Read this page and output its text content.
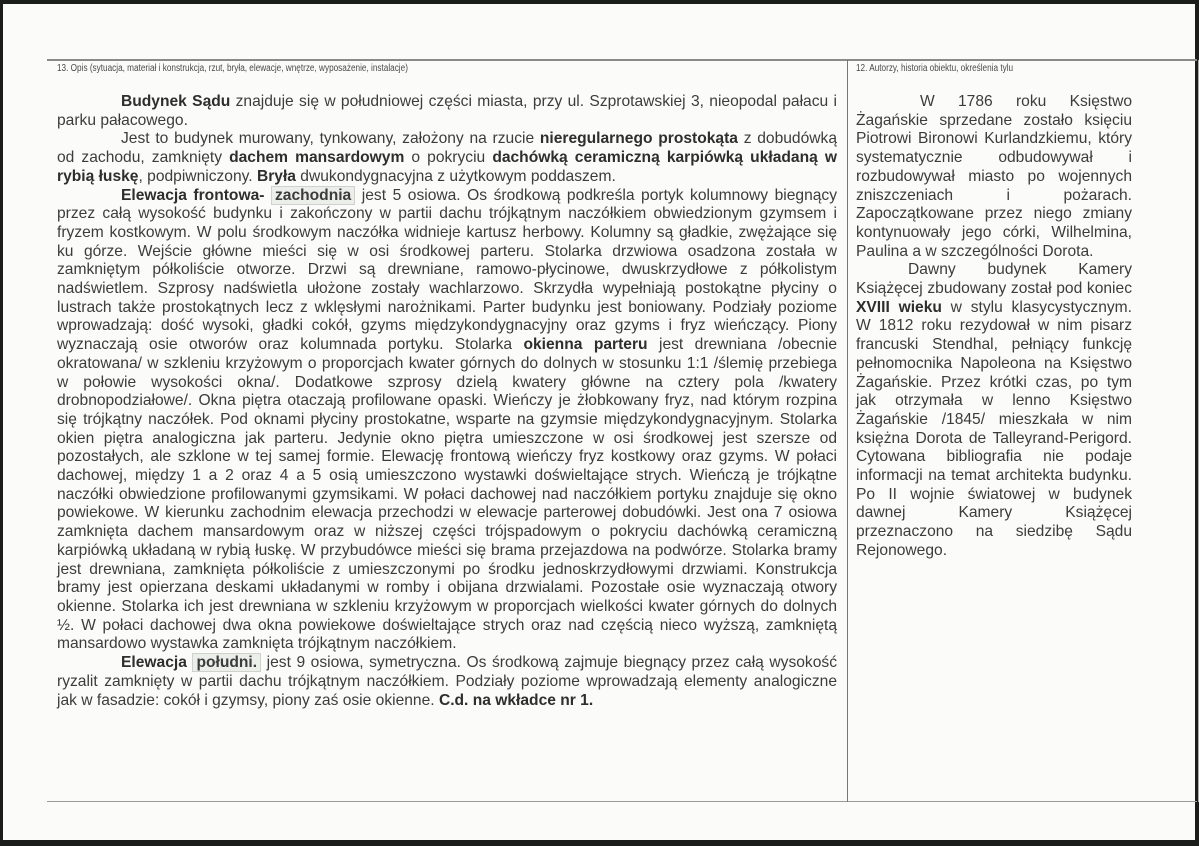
13. Opis (sytuacja, materiał i konstrukcja, rzut, bryła, elewacje, wnętrze, wyposażenie, instalacje)	12. Autorzy, historia obiektu, określenia tylu

Budynek Sądu znajduje się w południowej części miasta, przy ul. Szprotawskiej 3, nieopodal pałacu i parku pałacowego.

Jest to budynek murowany, tynkowany, założony na rzucie nieregularnego prostokąta z dobudówką od zachodu, zamknięty dachem mansardowym o pokryciu dachówką ceramiczną karpiówką układaną w rybią łuskę, podpiwniczony. Bryła dwukondygnacyjna z użytkowym poddaszem.

Elewacja frontowa- zachodnia jest 5 osiowa. Os środkową podkreśla portyk kolumnowy biegnący przez całą wysokość budynku i zakończony w partii dachu trójkątnym naczółkiem obwiedzionym gzymsem i fryzem kostkowym. W polu środkowym naczółka widnieje kartusz herbowy. Kolumny są gładkie, zwężające się ku górze. Wejście główne mieści się w osi środkowej parteru. Stolarka drzwiowa osadzona została w zamkniętym półkoliście otworze. Drzwi są drewniane, ramowo-płycinowe, dwuskrzydłowe z półkolistym nadświetlem. Szprosy nadświetla ułożone zostały wachlarzowo. Skrzydła wypełniają postokątne płyciny o lustrach także prostokątnych lecz z wklęsłymi narożnikami. Parter budynku jest boniowany. Podziały poziome wprowadzają: dość wysoki, gładki cokół, gzyms międzykondygnacyjny oraz gzyms i fryz wieńczący. Piony wyznaczają osie otworów oraz kolumnada portyku. Stolarka okienna parteru jest drewniana /obecnie okratowana/ w szkleniu krzyżowym o proporcjach kwater górnych do dolnych w stosunku 1:1 /ślemię przebiega w połowie wysokości okna/. Dodatkowe szprosy dzielą kwatery główne na cztery pola /kwatery drobnopodziałowe/. Okna piętra otaczają profilowane opaski. Wieńczy je żłobkowany fryz, nad którym rozpina się trójkątny naczółek. Pod oknami płyciny prostokatne, wsparte na gzymsie międzykondygnacyjnym. Stolarka okien piętra analogiczna jak parteru. Jedynie okno piętra umieszczone w osi środkowej jest szersze od pozostałych, ale szklone w tej samej formie. Elewację frontową wieńczy fryz kostkowy oraz gzyms. W połaci dachowej, między 1 a 2 oraz 4 a 5 osią umieszczono wystawki doświeltające strych. Wieńczą je trójkątne naczółki obwiedzione profilowanymi gzymsikami. W połaci dachowej nad naczółkiem portyku znajduje się okno powiekowe. W kierunku zachodnim elewacja przechodzi w elewacje parterowej dobudówki. Jest ona 7 osiowa zamknięta dachem mansardowym oraz w niższej części trójspadowym o pokryciu dachówką ceramiczną karpiówką układaną w rybią łuskę. W przybudówce mieści się brama przejazdowa na podwórze. Stolarka bramy jest drewniana, zamknięta półkoliście z umieszczonymi po środku jednoskrzydłowymi drzwiami. Konstrukcja bramy jest opierzana deskami układanymi w romby i obijana drzwialami. Pozostałe osie wyznaczają otwory okienne. Stolarka ich jest drewniana w szkleniu krzyżowym w proporcjach wielkości kwater górnych do dolnych ½. W połaci dachowej dwa okna powiekowe doświeltające strych oraz nad częścią nieco wyższą, zamkniętą mansardowo wystawka zamknięta trójkątnym naczółkiem.

Elewacja południ. jest 9 osiowa, symetryczna. Os środkową zajmuje biegnący przez całą wysokość ryzalit zamknięty w partii dachu trójkątnym naczółkiem. Podziały poziome wprowadzają elementy analogiczne jak w fasadzie: cokół i gzymsy, piony zaś osie okienne. C.d. na wkładce nr 1.

W 1786 roku Księstwo Żagańskie sprzedane zostało księciu Piotrowi Bironowi Kurlandzkiemu, który systematycznie odbudowywał i rozbudowywał miasto po wojennych zniszczeniach i pożarach. Zapoczątkowane przez niego zmiany kontynuowały jego córki, Wilhelmina, Paulina a w szczególności Dorota.

Dawny budynek Kamery Książęcej zbudowany został pod koniec XVIII wieku w stylu klasycystycznym. W 1812 roku rezydował w nim pisarz francuski Stendhal, pełniący funkcję pełnomocnika Napoleona na Księstwo Żagańskie. Przez krótki czas, po tym jak otrzymała w lenno Księstwo Żagańskie /1845/ mieszkała w nim księżna Dorota de Talleyrand-Perigord. Cytowana bibliografia nie podaje informacji na temat architekta budynku. Po II wojnie światowej w budynek dawnej Kamery Książęcej przeznaczono na siedzibę Sądu Rejonowego.
